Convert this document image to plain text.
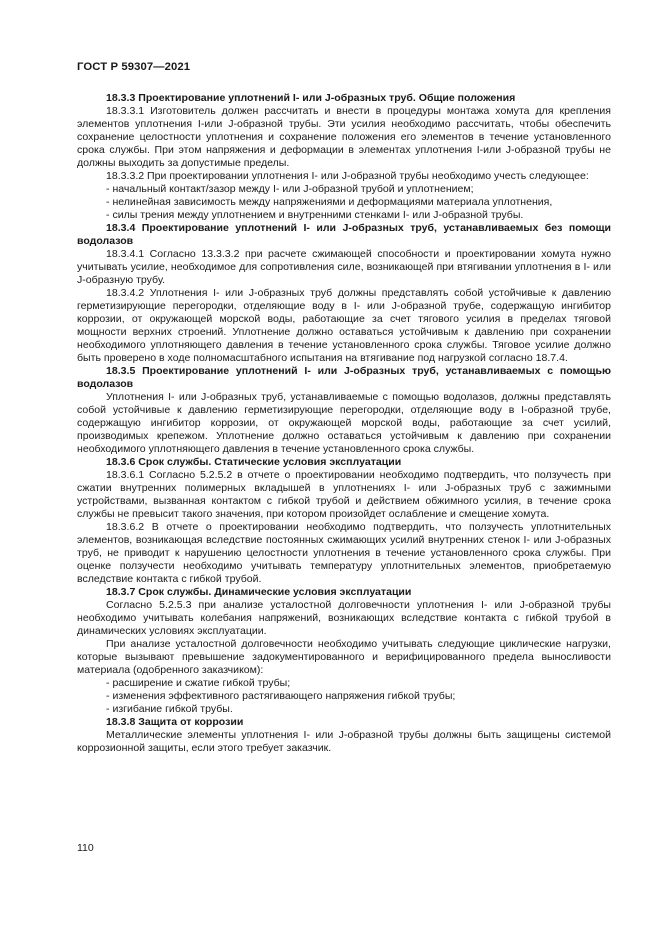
ГОСТ Р 59307—2021

18.3.3 Проектирование уплотнений I- или J-образных труб. Общие положения

18.3.3.1 Изготовитель должен рассчитать и внести в процедуры монтажа хомута для крепления элементов уплотнения I-или J-образной трубы. Эти усилия необходимо рассчитать, чтобы обеспечить сохранение целостности уплотнения и сохранение положения его элементов в течение установленного срока службы. При этом напряжения и деформации в элементах уплотнения I-или J-образной трубы не должны выходить за допустимые пределы.

18.3.3.2 При проектировании уплотнения I- или J-образной трубы необходимо учесть следующее:

- начальный контакт/зазор между I- или J-образной трубой и уплотнением;

- нелинейная зависимость между напряжениями и деформациями материала уплотнения,

- силы трения между уплотнением и внутренними стенками I- или J-образной трубы.

18.3.4 Проектирование уплотнений I- или J-образных труб, устанавливаемых без помощи водолазов

18.3.4.1 Согласно 13.3.3.2 при расчете сжимающей способности и проектировании хомута нужно учитывать усилие, необходимое для сопротивления силе, возникающей при втягивании уплотнения в I- или J-образную трубу.

18.3.4.2 Уплотнения I- или J-образных труб должны представлять собой устойчивые к давлению герметизирующие перегородки, отделяющие воду в I- или J-образной трубе, содержащую ингибитор коррозии, от окружающей морской воды, работающие за счет тягового усилия в пределах тяговой мощности верхних строений. Уплотнение должно оставаться устойчивым к давлению при сохранении необходимого уплотняющего давления в течение установленного срока службы. Тяговое усилие должно быть проверено в ходе полномасштабного испытания на втягивание под нагрузкой согласно 18.7.4.

18.3.5 Проектирование уплотнений I- или J-образных труб, устанавливаемых с помощью водолазов

Уплотнения I- или J-образных труб, устанавливаемые с помощью водолазов, должны представлять собой устойчивые к давлению герметизирующие перегородки, отделяющие воду в I-образной трубе, содержащую ингибитор коррозии, от окружающей морской воды, работающие за счет усилий, производимых крепежом. Уплотнение должно оставаться устойчивым к давлению при сохранении необходимого уплотняющего давления в течение установленного срока службы.

18.3.6 Срок службы. Статические условия эксплуатации

18.3.6.1 Согласно 5.2.5.2 в отчете о проектировании необходимо подтвердить, что ползучесть при сжатии внутренних полимерных вкладышей в уплотнениях I- или J-образных труб с зажимными устройствами, вызванная контактом с гибкой трубой и действием обжимного усилия, в течение срока службы не превысит такого значения, при котором произойдет ослабление и смещение хомута.

18.3.6.2 В отчете о проектировании необходимо подтвердить, что ползучесть уплотнительных элементов, возникающая вследствие постоянных сжимающих усилий внутренних стенок I- или J-образных труб, не приводит к нарушению целостности уплотнения в течение установленного срока службы. При оценке ползучести необходимо учитывать температуру уплотнительных элементов, приобретаемую вследствие контакта с гибкой трубой.

18.3.7 Срок службы. Динамические условия эксплуатации

Согласно 5.2.5.3 при анализе усталостной долговечности уплотнения I- или J-образной трубы необходимо учитывать колебания напряжений, возникающих вследствие контакта с гибкой трубой в динамических условиях эксплуатации.

При анализе усталостной долговечности необходимо учитывать следующие циклические нагрузки, которые вызывают превышение задокументированного и верифицированного предела выносливости материала (одобренного заказчиком):

- расширение и сжатие гибкой трубы;

- изменения эффективного растягивающего напряжения гибкой трубы;

- изгибание гибкой трубы.

18.3.8 Защита от коррозии

Металлические элементы уплотнения I- или J-образной трубы должны быть защищены системой коррозионной защиты, если этого требует заказчик.

110
